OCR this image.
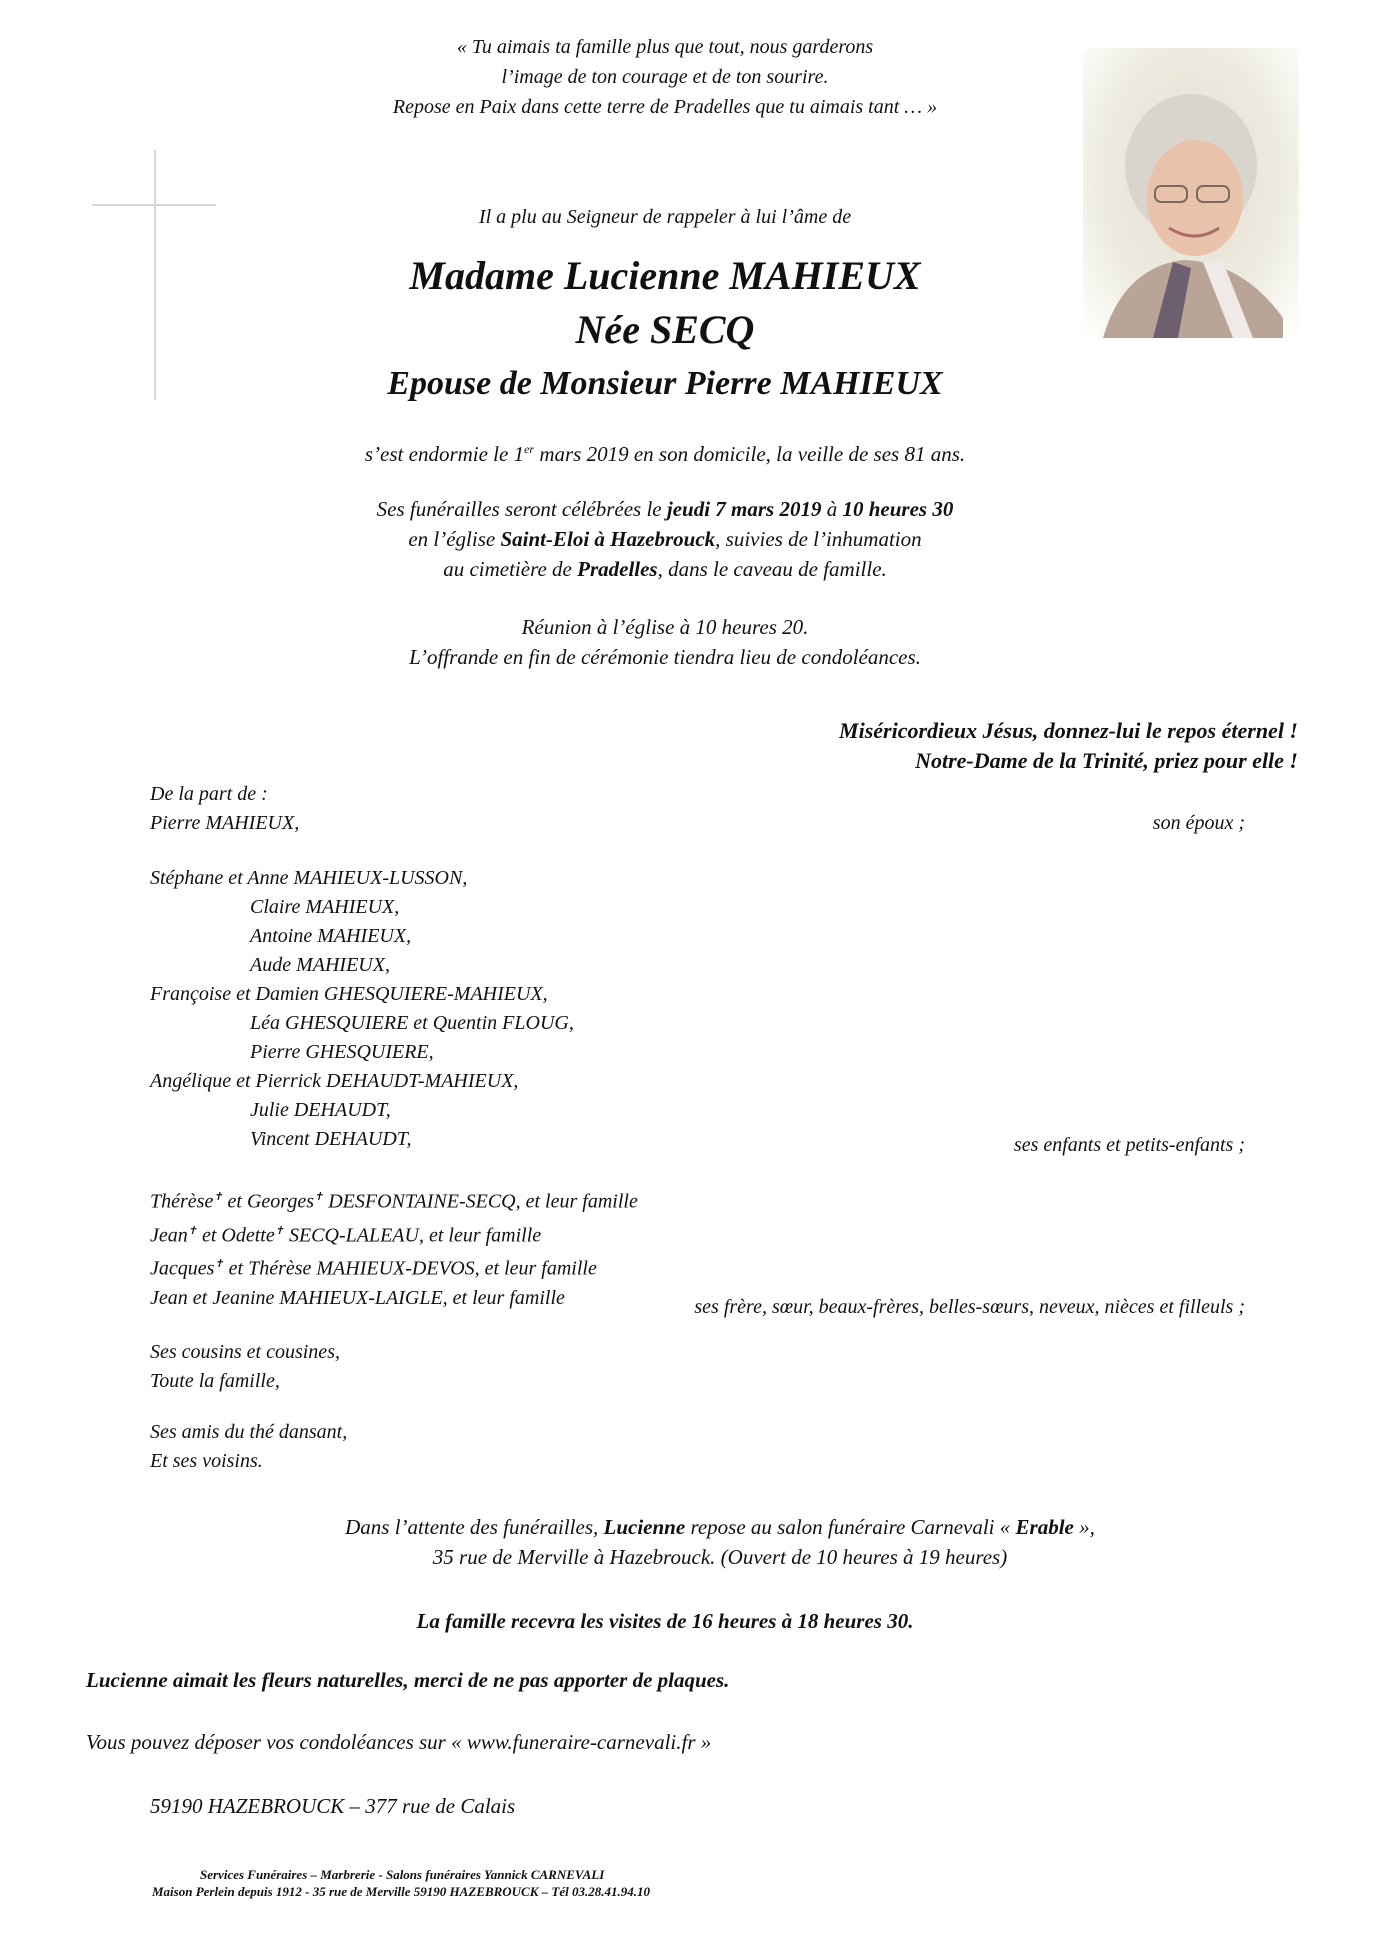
« Tu aimais ta famille plus que tout, nous garderons
l’image de ton courage et de ton sourire.
Repose en Paix dans cette terre de Pradelles que tu aimais tant … »
Il a plu au Seigneur de rappeler à lui l’âme de
Madame Lucienne MAHIEUX
Née SECQ
Epouse de Monsieur Pierre MAHIEUX
s’est endormie le 1er mars 2019 en son domicile, la veille de ses 81 ans.
Ses funérailles seront célébrées le jeudi 7 mars 2019 à 10 heures 30
en l’église Saint-Eloi à Hazebrouck, suivies de l’inhumation
au cimetière de Pradelles, dans le caveau de famille.
Réunion à l’église à 10 heures 20.
L’offrande en fin de cérémonie tiendra lieu de condoléances.
Miséricordieux Jésus, donnez-lui le repos éternel !
Notre-Dame de la Trinité, priez pour elle !
De la part de :
Pierre MAHIEUX,	son époux ;
Stéphane et Anne MAHIEUX-LUSSON,
Claire MAHIEUX,
Antoine MAHIEUX,
Aude MAHIEUX,
Françoise et Damien GHESQUIERE-MAHIEUX,
Léa GHESQUIERE et Quentin FLOUG,
Pierre GHESQUIERE,
Angélique et Pierrick DEHAUDT-MAHIEUX,
Julie DEHAUDT,
Vincent DEHAUDT,	ses enfants et petits-enfants ;
Thérèse✝ et Georges✝ DESFONTAINE-SECQ, et leur famille
Jean✝ et Odette✝ SECQ-LALEAU, et leur famille
Jacques✝ et Thérèse MAHIEUX-DEVOS, et leur famille
Jean et Jeanine MAHIEUX-LAIGLE, et leur famille	ses frère, sœur, beaux-frères, belles-sœurs, neveux, nièces et filleuls ;
Ses cousins et cousines,
Toute la famille,
Ses amis du thé dansant,
Et ses voisins.
Dans l’attente des funérailles, Lucienne repose au salon funéraire Carnevali « Erable »,
35 rue de Merville à Hazebrouck. (Ouvert de 10 heures à 19 heures)
La famille recevra les visites de 16 heures à 18 heures 30.
Lucienne aimait les fleurs naturelles, merci de ne pas apporter de plaques.
Vous pouvez déposer vos condoléances sur « www.funeraire-carnevali.fr »
59190 HAZEBROUCK – 377 rue de Calais
Services Funéraires – Marbrerie - Salons funéraires Yannick CARNEVALI
Maison Perlein depuis 1912 - 35 rue de Merville 59190 HAZEBROUCK – Tél 03.28.41.94.10
